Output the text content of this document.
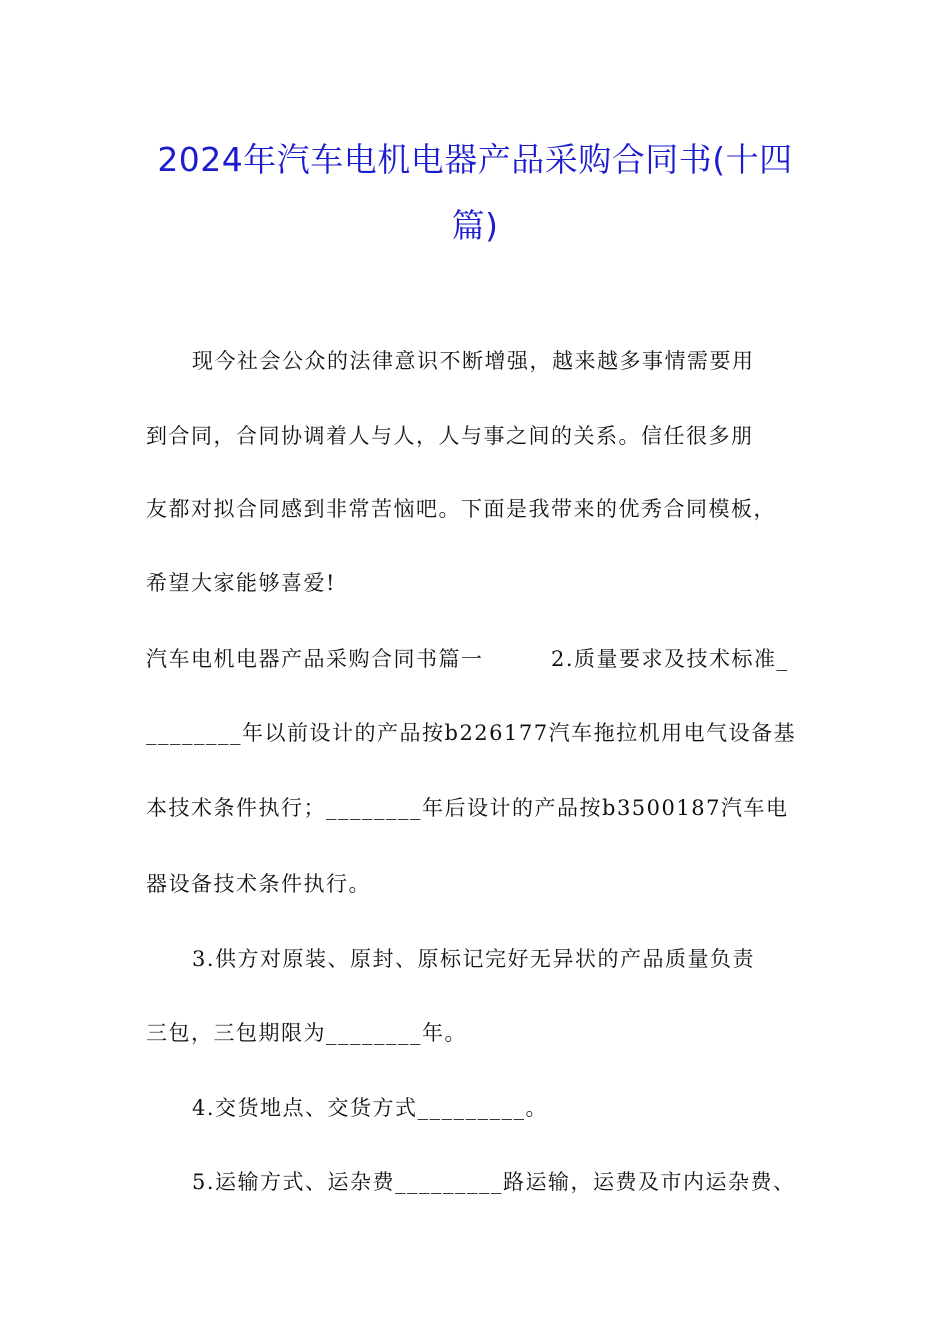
2024年汽车电机电器产品采购合同书(十四
篇)
现今社会公众的法律意识不断增强，越来越多事情需要用
到合同，合同协调着人与人，人与事之间的关系。信任很多朋
友都对拟合同感到非常苦恼吧。下面是我带来的优秀合同模板，
希望大家能够喜爱!
汽车电机电器产品采购合同书篇一　　　2.质量要求及技术标准_
________年以前设计的产品按b226177汽车拖拉机用电气设备基
本技术条件执行；________年后设计的产品按b3500187汽车电
器设备技术条件执行。
3.供方对原装、原封、原标记完好无异状的产品质量负责
三包，三包期限为________年。
4.交货地点、交货方式_________。
5.运输方式、运杂费_________路运输，运费及市内运杂费、
